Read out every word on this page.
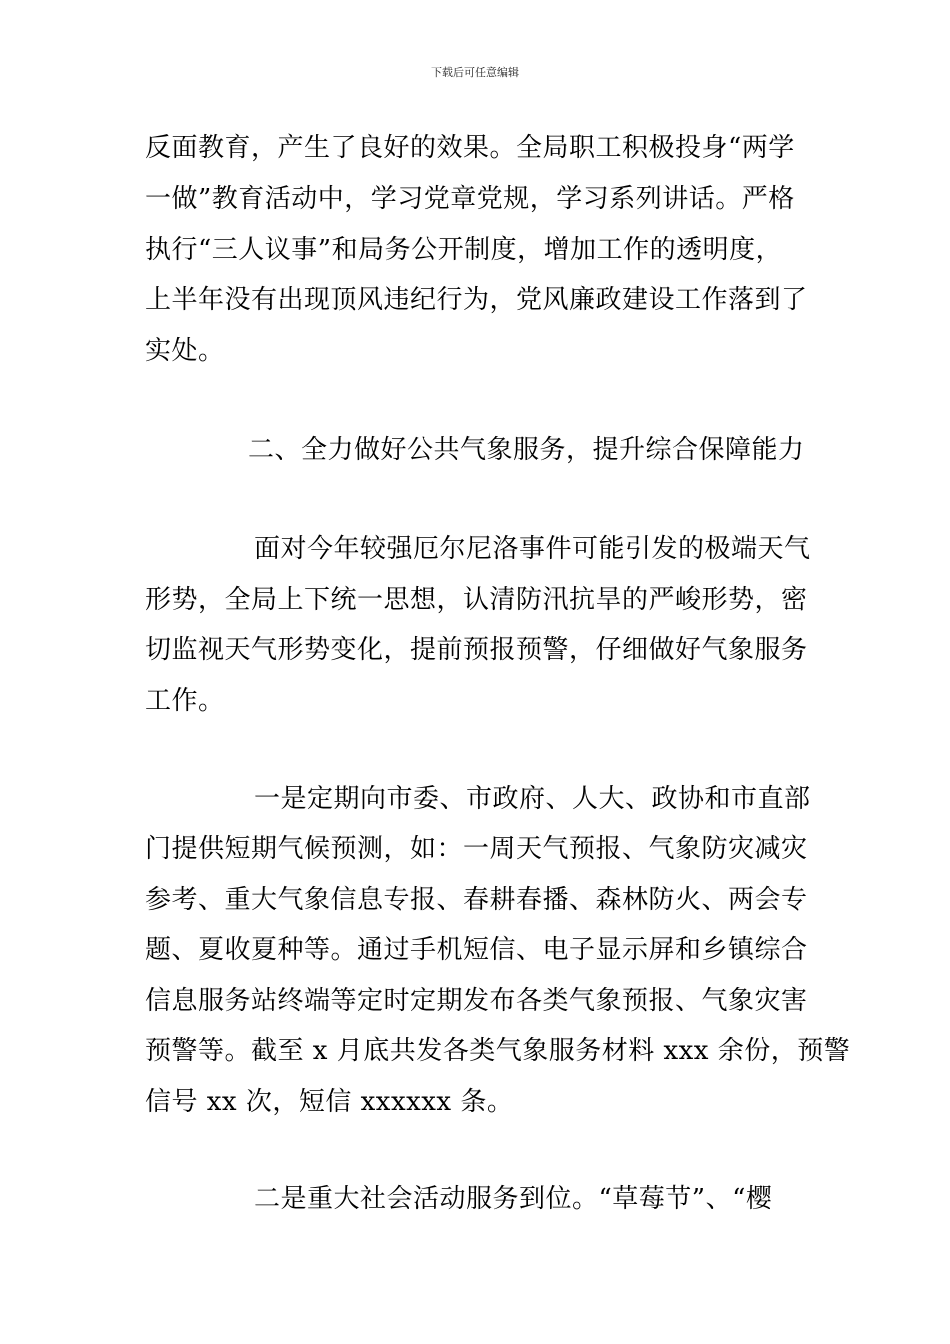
下载后可任意编辑
反面教育，产生了良好的效果。全局职工积极投身“两学
一做”教育活动中，学习党章党规，学习系列讲话。严格
执行“三人议事”和局务公开制度，增加工作的透明度，
上半年没有出现顶风违纪行为，党风廉政建设工作落到了
实处。
二、全力做好公共气象服务，提升综合保障能力
面对今年较强厄尔尼洛事件可能引发的极端天气
形势，全局上下统一思想，认清防汛抗旱的严峻形势，密
切监视天气形势变化，提前预报预警，仔细做好气象服务
工作。
一是定期向市委、市政府、人大、政协和市直部
门提供短期气候预测，如：一周天气预报、气象防灾减灾
参考、重大气象信息专报、春耕春播、森林防火、两会专
题、夏收夏种等。通过手机短信、电子显示屏和乡镇综合
信息服务站终端等定时定期发布各类气象预报、气象灾害
预警等。截至 x 月底共发各类气象服务材料 xxx 余份，预警
信号 xx 次，短信 xxxxxx 条。
二是重大社会活动服务到位。“草莓节”、“樱
